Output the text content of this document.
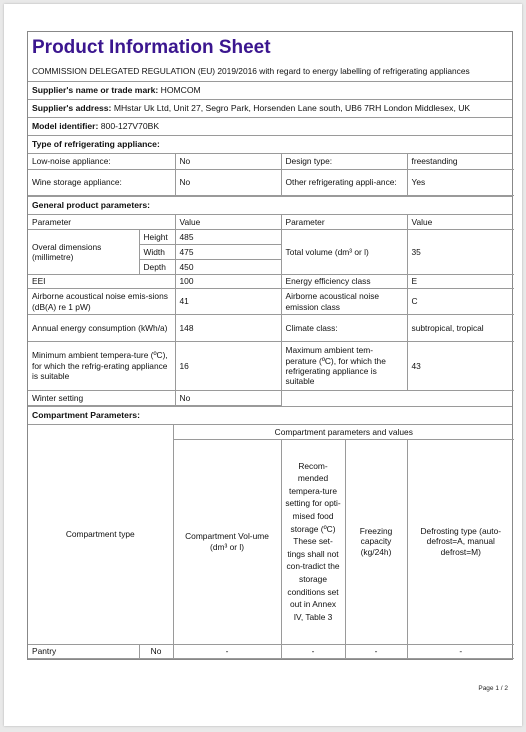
Product Information Sheet
COMMISSION DELEGATED REGULATION (EU) 2019/2016 with regard to energy labelling of refrigerating appliances
Supplier's name or trade mark: HOMCOM
Supplier's address: MHstar Uk Ltd, Unit 27, Segro Park, Horsenden Lane south, UB6 7RH London Middlesex, UK
Model identifier: 800-127V70BK
Type of refrigerating appliance:
Low-noise appliance:	No	Design type:	freestanding
Wine storage appliance:	No	Other refrigerating appli-ance:	Yes
General product parameters:
Parameter		Value	Parameter	Value
Overal dimensions (millimetre)	Height	485	Total volume (dm³ or l)	35
	Width	475		
	Depth	450		
EEI		100	Energy efficiency class	E
Airborne acoustical noise emis-sions (dB(A) re 1 pW)		41	Airborne acoustical noise emission class	C
Annual energy consumption (kWh/a)		148	Climate class:	subtropical, tropical
Minimum ambient tempera-ture (ºC), for which the refrig-erating appliance is suitable		16	Maximum ambient tem-perature (ºC), for which the refrigerating appliance is suitable	43
Winter setting		No		
Compartment Parameters:
Compartment type		Compartment parameters and values			
		Compartment Vol-ume (dm³ or l)	Recom-mended tempera-ture setting for opti-mised food storage (ºC) These set-tings shall not con-tradict the storage conditions set out in Annex IV, Table 3	Freezing capacity (kg/24h)	Defrosting type (auto-defrost=A, manual defrost=M)
Pantry	No	-	-	-	-
Page 1 / 2
